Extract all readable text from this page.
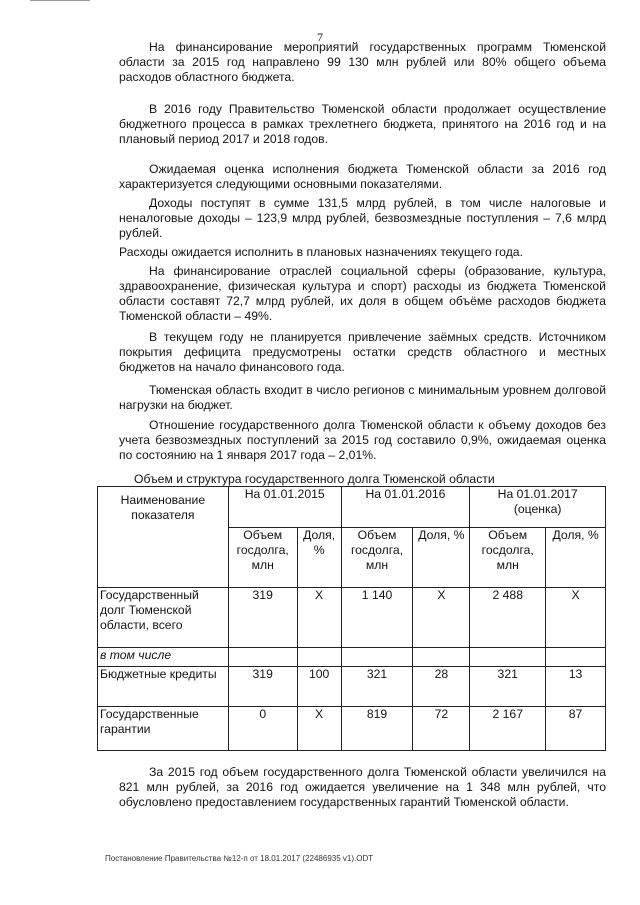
7
На финансирование мероприятий государственных программ Тюменской области за 2015 год направлено 99 130 млн рублей или 80% общего объема расходов областного бюджета.
В 2016 году Правительство Тюменской области продолжает осуществление бюджетного процесса в рамках трехлетнего бюджета, принятого на 2016 год и на плановый период 2017 и 2018 годов.
Ожидаемая оценка исполнения бюджета Тюменской области за 2016 год характеризуется следующими основными показателями.
Доходы поступят в сумме 131,5 млрд рублей, в том числе налоговые и неналоговые доходы – 123,9 млрд рублей, безвозмездные поступления – 7,6 млрд рублей.
Расходы ожидается исполнить в плановых назначениях текущего года.
На финансирование отраслей социальной сферы (образование, культура, здравоохранение, физическая культура и спорт) расходы из бюджета Тюменской области составят 72,7 млрд рублей, их доля в общем объёме расходов бюджета Тюменской области – 49%.
В текущем году не планируется привлечение заёмных средств. Источником покрытия дефицита предусмотрены остатки средств областного и местных бюджетов на начало финансового года.
Тюменская область входит в число регионов с минимальным уровнем долговой нагрузки на бюджет.
Отношение государственного долга Тюменской области к объему доходов без учета безвозмездных поступлений за 2015 год составило 0,9%, ожидаемая оценка по состоянию на 1 января 2017 года – 2,01%.
Объем и структура государственного долга Тюменской области
Наименование показателя	На 01.01.2015		На 01.01.2016		На 01.01.2017 (оценка)	
	Объем госдолга, млн	Доля, %	Объем госдолга, млн	Доля, %	Объем госдолга, млн	Доля, %
Государственный долг Тюменской области, всего	319	Х	1 140	Х	2 488	Х
в том числе						
Бюджетные кредиты	319	100	321	28	321	13
Государственные гарантии	0	Х	819	72	2 167	87
За 2015 год объем государственного долга Тюменской области увеличился на 821 млн рублей, за 2016 год ожидается увеличение на 1 348 млн рублей, что обусловлено предоставлением государственных гарантий Тюменской области.
Постановление Правительства №12-п от 18.01.2017 (22486935 v1).ODT
